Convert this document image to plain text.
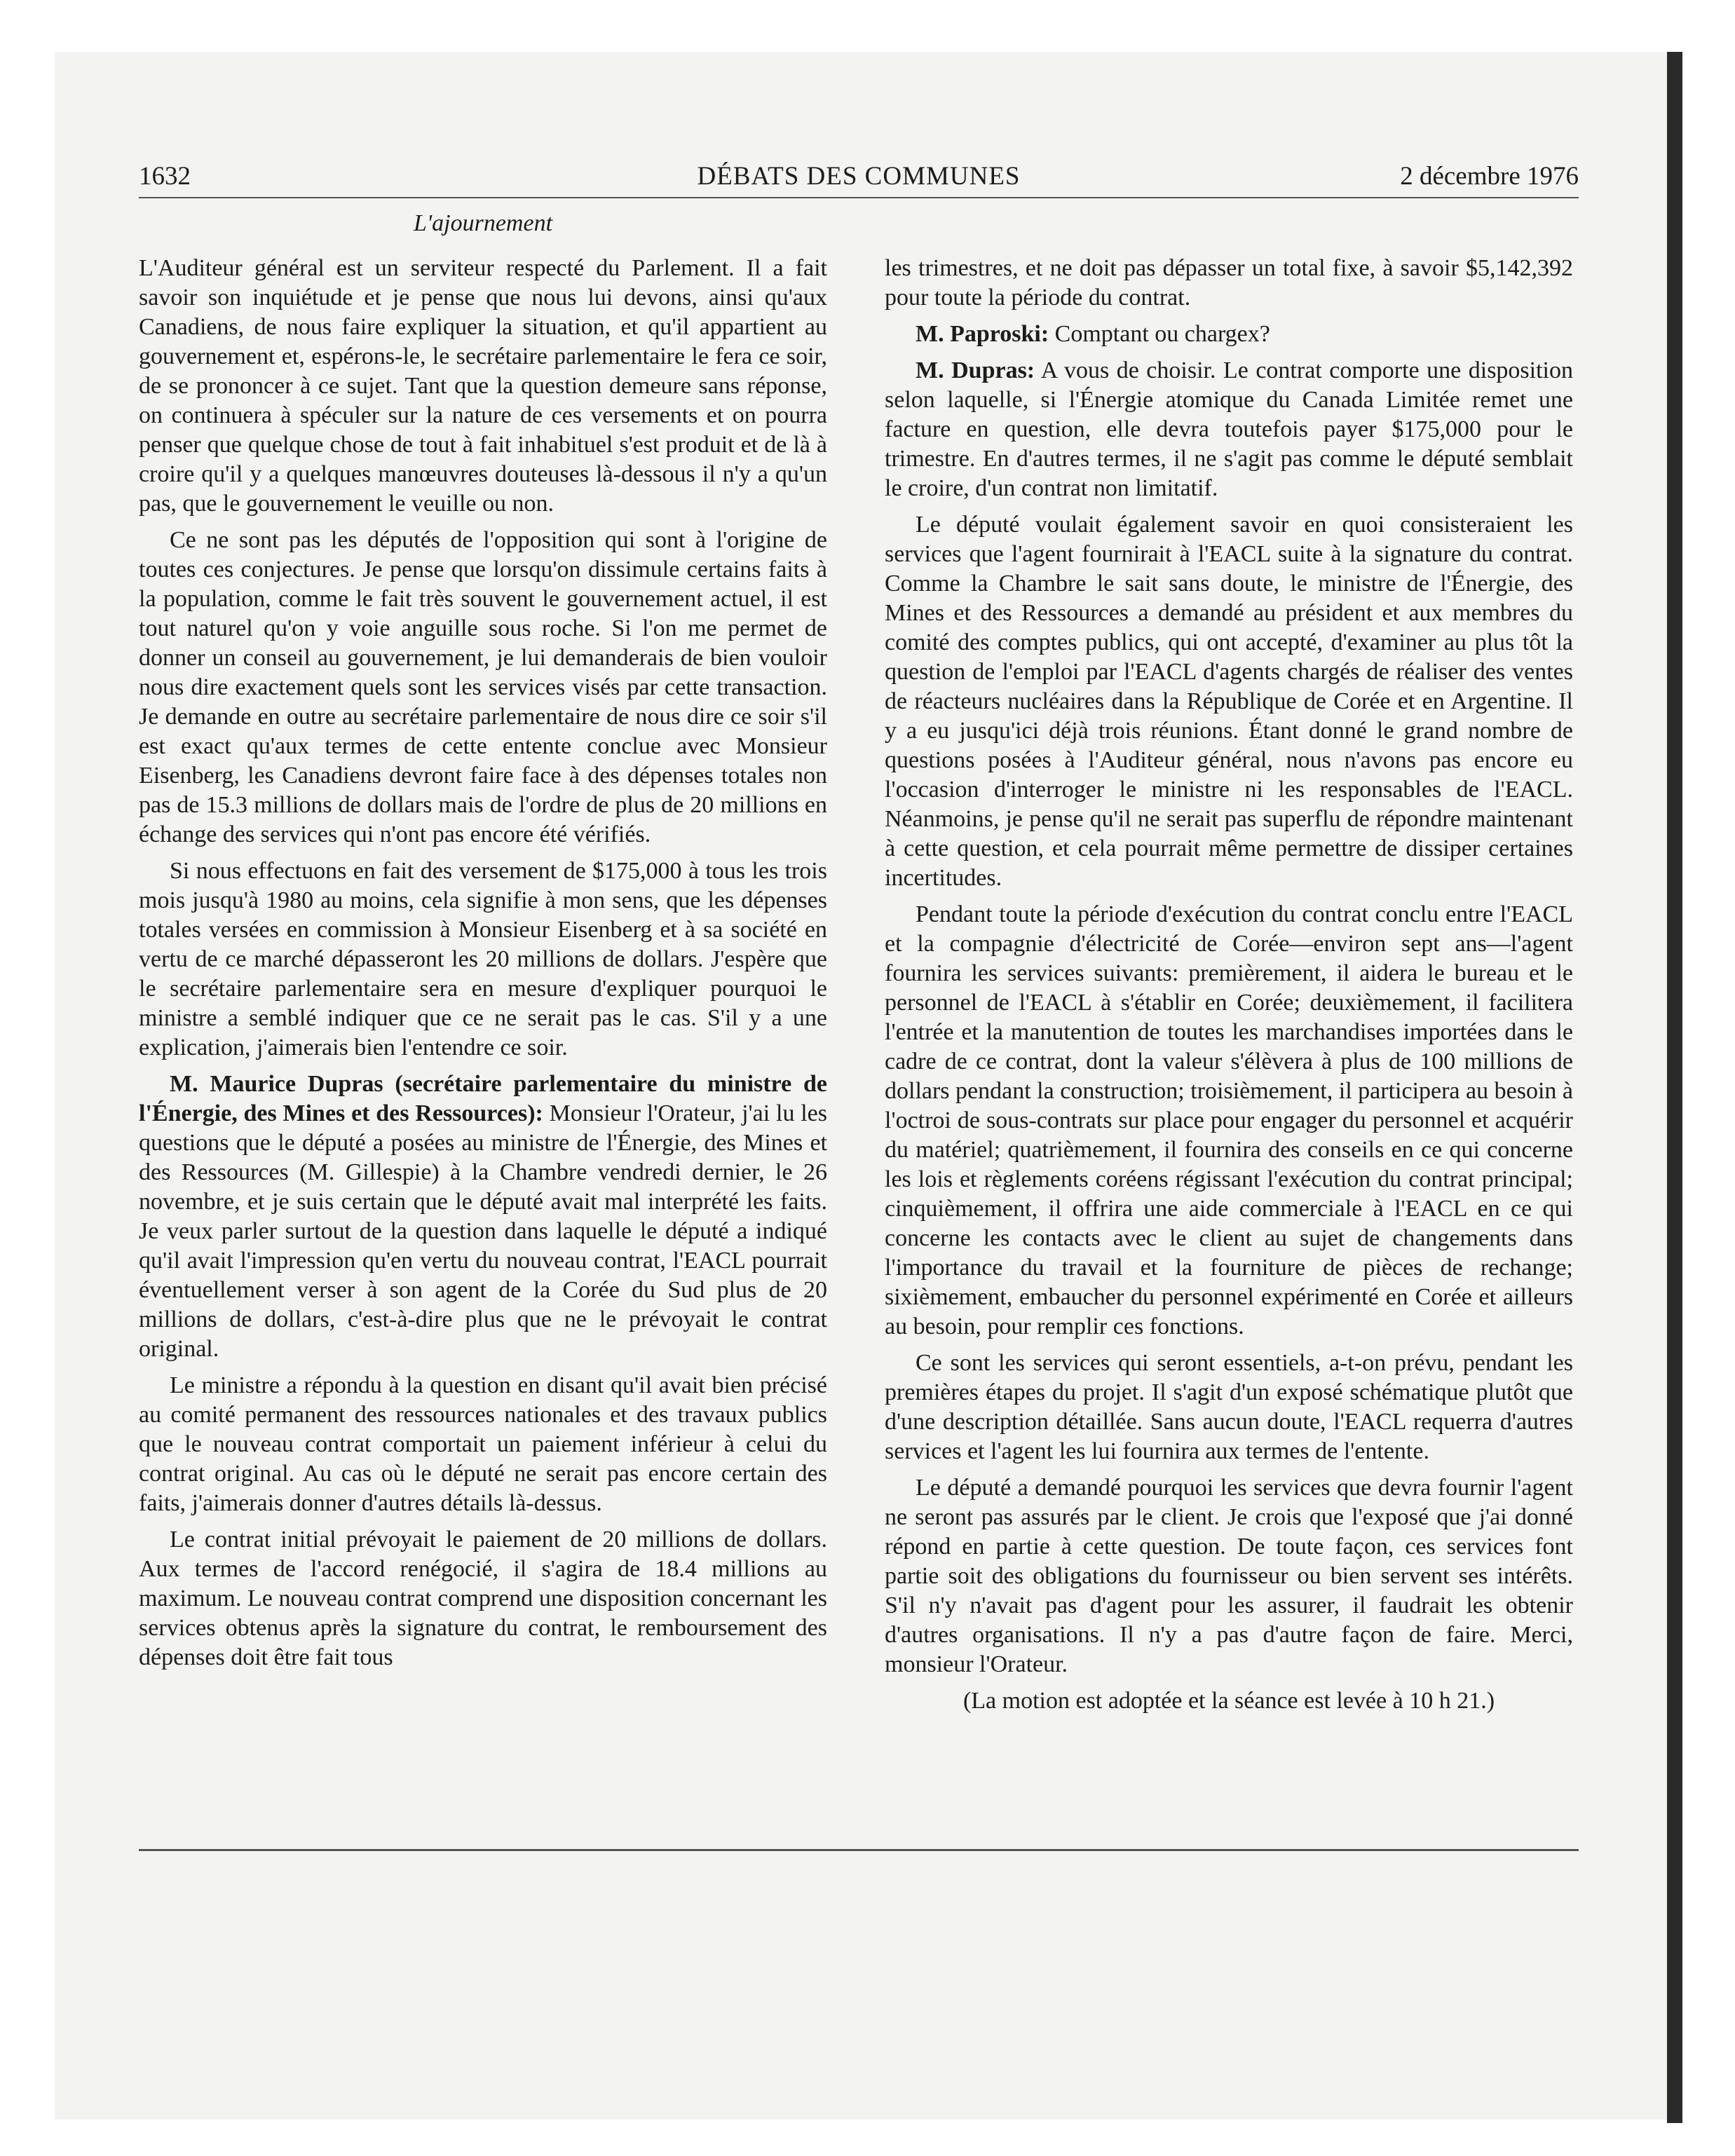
DÉBATS DES COMMUNES
1632	2 décembre 1976
L'ajournement

L'Auditeur général est un serviteur respecté du Parlement. Il a fait savoir son inquiétude et je pense que nous lui devons, ainsi qu'aux Canadiens, de nous faire expliquer la situation, et qu'il appartient au gouvernement et, espérons-le, le secrétaire parlementaire le fera ce soir, de se prononcer à ce sujet. Tant que la question demeure sans réponse, on continuera à spéculer sur la nature de ces versements et on pourra penser que quelque chose de tout à fait inhabituel s'est produit et de là à croire qu'il y a quelques manœuvres douteuses là-dessous il n'y a qu'un pas, que le gouvernement le veuille ou non.

Ce ne sont pas les députés de l'opposition qui sont à l'origine de toutes ces conjectures. Je pense que lorsqu'on dissimule certains faits à la population, comme le fait très souvent le gouvernement actuel, il est tout naturel qu'on y voie anguille sous roche. Si l'on me permet de donner un conseil au gouvernement, je lui demanderais de bien vouloir nous dire exactement quels sont les services visés par cette transaction. Je demande en outre au secrétaire parlementaire de nous dire ce soir s'il est exact qu'aux termes de cette entente conclue avec Monsieur Eisenberg, les Canadiens devront faire face à des dépenses totales non pas de 15.3 millions de dollars mais de l'ordre de plus de 20 millions en échange des services qui n'ont pas encore été vérifiés.

Si nous effectuons en fait des versement de $175,000 à tous les trois mois jusqu'à 1980 au moins, cela signifie à mon sens, que les dépenses totales versées en commission à Monsieur Eisenberg et à sa société en vertu de ce marché dépasseront les 20 millions de dollars. J'espère que le secrétaire parlementaire sera en mesure d'expliquer pourquoi le ministre a semblé indiquer que ce ne serait pas le cas. S'il y a une explication, j'aimerais bien l'entendre ce soir.

M. Maurice Dupras (secrétaire parlementaire du ministre de l'Énergie, des Mines et des Ressources): Monsieur l'Orateur, j'ai lu les questions que le député a posées au ministre de l'Énergie, des Mines et des Ressources (M. Gillespie) à la Chambre vendredi dernier, le 26 novembre, et je suis certain que le député avait mal interprété les faits. Je veux parler surtout de la question dans laquelle le député a indiqué qu'il avait l'impression qu'en vertu du nouveau contrat, l'EACL pourrait éventuellement verser à son agent de la Corée du Sud plus de 20 millions de dollars, c'est-à-dire plus que ne le prévoyait le contrat original.

Le ministre a répondu à la question en disant qu'il avait bien précisé au comité permanent des ressources nationales et des travaux publics que le nouveau contrat comportait un paiement inférieur à celui du contrat original. Au cas où le député ne serait pas encore certain des faits, j'aimerais donner d'autres détails là-dessus.

Le contrat initial prévoyait le paiement de 20 millions de dollars. Aux termes de l'accord renégocié, il s'agira de 18.4 millions au maximum. Le nouveau contrat comprend une disposition concernant les services obtenus après la signature du contrat, le remboursement des dépenses doit être fait tous

les trimestres, et ne doit pas dépasser un total fixe, à savoir $5,142,392 pour toute la période du contrat.

M. Paproski: Comptant ou chargex?

M. Dupras: A vous de choisir. Le contrat comporte une disposition selon laquelle, si l'Énergie atomique du Canada Limitée remet une facture en question, elle devra toutefois payer $175,000 pour le trimestre. En d'autres termes, il ne s'agit pas comme le député semblait le croire, d'un contrat non limitatif.

Le député voulait également savoir en quoi consisteraient les services que l'agent fournirait à l'EACL suite à la signature du contrat. Comme la Chambre le sait sans doute, le ministre de l'Énergie, des Mines et des Ressources a demandé au président et aux membres du comité des comptes publics, qui ont accepté, d'examiner au plus tôt la question de l'emploi par l'EACL d'agents chargés de réaliser des ventes de réacteurs nucléaires dans la République de Corée et en Argentine. Il y a eu jusqu'ici déjà trois réunions. Étant donné le grand nombre de questions posées à l'Auditeur général, nous n'avons pas encore eu l'occasion d'interroger le ministre ni les responsables de l'EACL. Néanmoins, je pense qu'il ne serait pas superflu de répondre maintenant à cette question, et cela pourrait même permettre de dissiper certaines incertitudes.

Pendant toute la période d'exécution du contrat conclu entre l'EACL et la compagnie d'électricité de Corée—environ sept ans—l'agent fournira les services suivants: premièrement, il aidera le bureau et le personnel de l'EACL à s'établir en Corée; deuxièmement, il facilitera l'entrée et la manutention de toutes les marchandises importées dans le cadre de ce contrat, dont la valeur s'élèvera à plus de 100 millions de dollars pendant la construction; troisièmement, il participera au besoin à l'octroi de sous-contrats sur place pour engager du personnel et acquérir du matériel; quatrièmement, il fournira des conseils en ce qui concerne les lois et règlements coréens régissant l'exécution du contrat principal; cinquièmement, il offrira une aide commerciale à l'EACL en ce qui concerne les contacts avec le client au sujet de changements dans l'importance du travail et la fourniture de pièces de rechange; sixièmement, embaucher du personnel expérimenté en Corée et ailleurs au besoin, pour remplir ces fonctions.

Ce sont les services qui seront essentiels, a-t-on prévu, pendant les premières étapes du projet. Il s'agit d'un exposé schématique plutôt que d'une description détaillée. Sans aucun doute, l'EACL requerra d'autres services et l'agent les lui fournira aux termes de l'entente.

Le député a demandé pourquoi les services que devra fournir l'agent ne seront pas assurés par le client. Je crois que l'exposé que j'ai donné répond en partie à cette question. De toute façon, ces services font partie soit des obligations du fournisseur ou bien servent ses intérêts. S'il n'y n'avait pas d'agent pour les assurer, il faudrait les obtenir d'autres organisations. Il n'y a pas d'autre façon de faire. Merci, monsieur l'Orateur.

(La motion est adoptée et la séance est levée à 10 h 21.)
